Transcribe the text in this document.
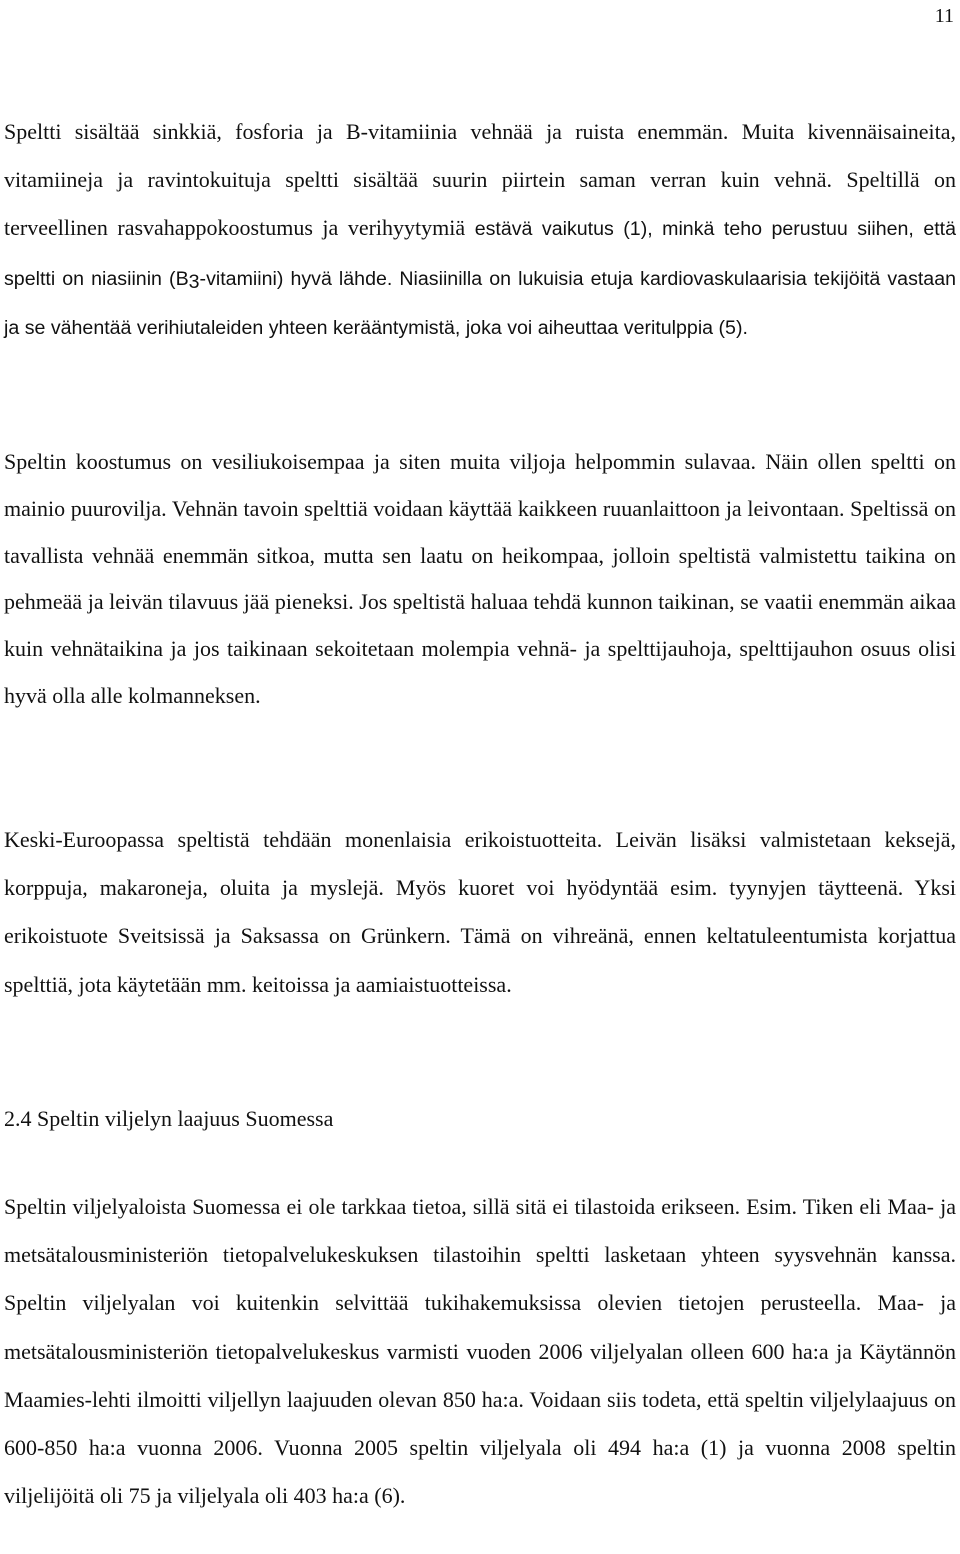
11

Speltti sisältää sinkkiä, fosforia ja B-vitamiinia vehnää ja ruista enemmän. Muita kivennäisaineita, vitamiineja ja ravintokuituja speltti sisältää suurin piirtein saman verran kuin vehnä. Speltillä on terveellinen rasvahappokoostumus ja verihyytymiä estävä vaikutus (1), minkä teho perustuu siihen, että speltti on niasiinin $(B_3-vitamiini)$ hyvä lähde. Niasiinilla on lukuisia etuja kardiovaskulaarisia tekijöitä vastaan ja se vähentää verihiutaleiden yhteen kerääntymistä, joka voi aiheuttaa veritulppia (5).

Speltin koostumus on vesiliukoisempaa ja siten muita viljoja helpommin sulavaa. Näin ollen speltti on mainio puurovilja. Vehnän tavoin spelttiä voidaan käyttää kaikkeen ruuanlaittoon ja leivontaan. Speltissä on tavallista vehnää enemmän sitkoa, mutta sen laatu on heikompaa, jolloin speltistä valmistettu taikina on pehmeää ja leivän tilavuus jää pieneksi. Jos speltistä haluaa tehdä kunnon taikinan, se vaatii enemmän aikaa kuin vehnätaikina ja jos taikinaan sekoitetaan molempia vehnä- ja spelttijauhoja, spelttijauhon osuus olisi hyvä olla alle kolmanneksen.

Keski-Euroopassa speltistä tehdään monenlaisia erikoistuotteita. Leivän lisäksi valmistetaan keksejä, korppuja, makaroneja, oluita ja myslejä. Myös kuoret voi hyödyntää esim. tyynyjen täytteenä. Yksi erikoistuote Sveitsissä ja Saksassa on Grünkern. Tämä on vihreänä, ennen keltatuleentumista korjattua spelttiä, jota käytetään mm. keitoissa ja aamiaistuotteissa.

2.4 Speltin viljelyn laajuus Suomessa

Speltin viljelyaloista Suomessa ei ole tarkkaa tietoa, sillä sitä ei tilastoida erikseen. Esim. Tiken eli Maa- ja metsätalousministeriön tietopalvelukeskuksen tilastoihin speltti lasketaan yhteen syysvehnän kanssa. Speltin viljelyalan voi kuitenkin selvittää tukihakemuksissa olevien tietojen perusteella. Maa- ja metsätalousministeriön tietopalvelukeskus varmisti vuoden 2006 viljelyalan olleen 600 ha:a ja Käytännön Maamies-lehti ilmoitti viljellyn laajuuden olevan 850 ha:a. Voidaan siis todeta, että speltin viljelylaajuus on 600-850 ha:a vuonna 2006. Vuonna 2005 speltin viljelyala oli 494 ha:a (1) ja vuonna 2008 speltin viljelijöitä oli 75 ja viljelyala oli 403 ha:a (6).
